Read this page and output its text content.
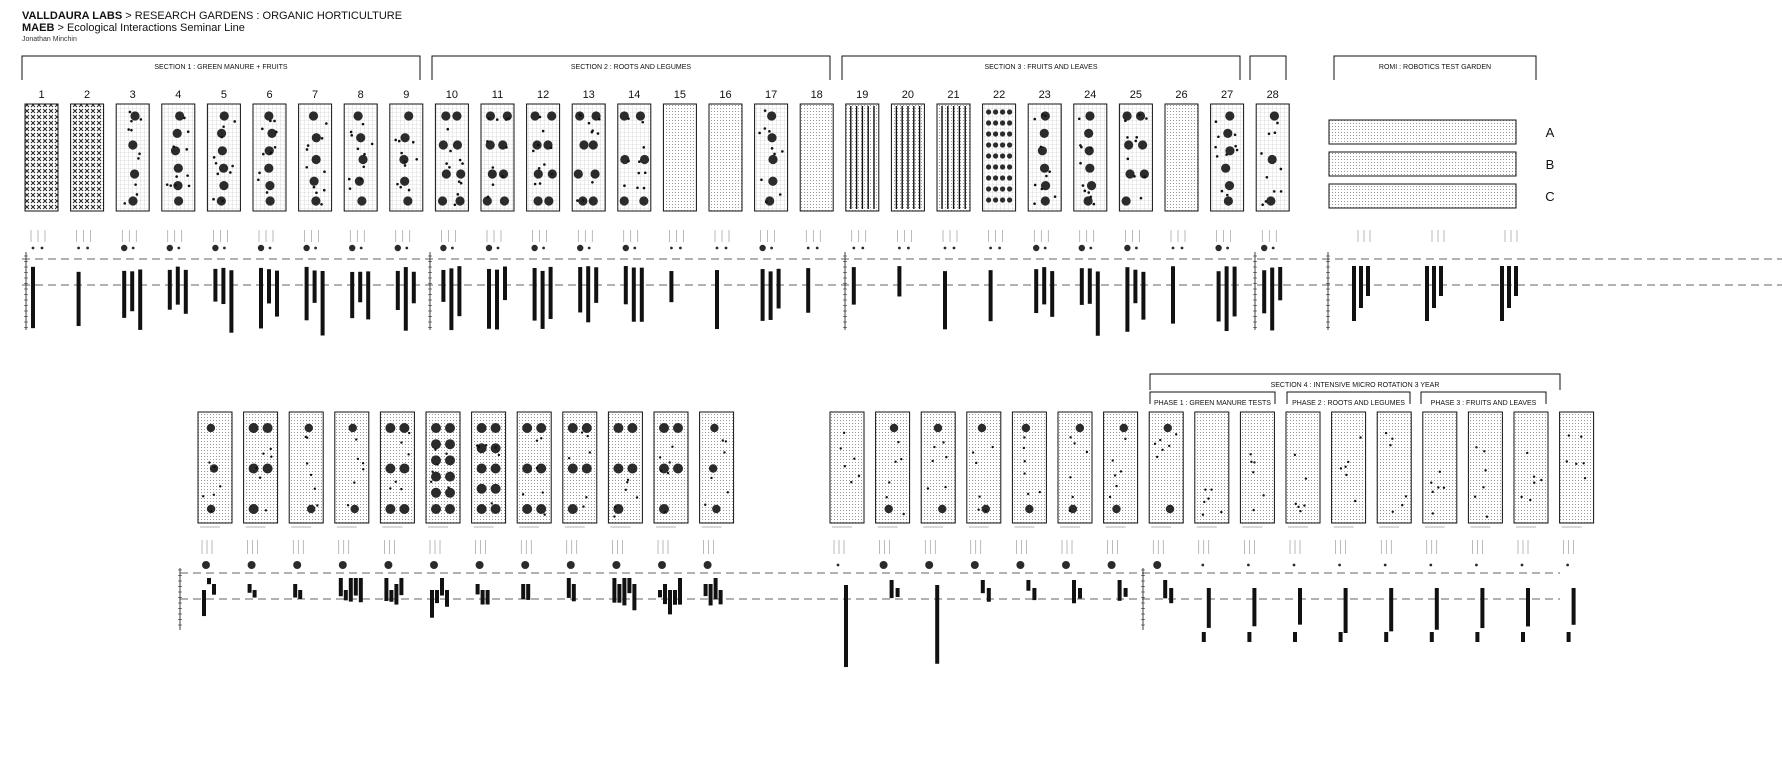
VALLDAURA LABS > RESEARCH GARDENS : ORGANIC HORTICULTURE
MAEB > Ecological Interactions Seminar Line
Jonathan Minchin
SECTION 1 : GREEN MANURE + FRUITS	SECTION 2 : ROOTS AND LEGUMES	SECTION 3 : FRUITS AND LEAVES	ROMI : ROBOTICS TEST GARDEN
1	2	3	4	5	6	7	8	9	10	11	12	13	14	15	16	17	18	19	20	21	22	23	24	25	26	27	28
A
B
C
SECTION 4 : INTENSIVE MICRO ROTATION 3 YEAR
PHASE 1 : GREEN MANURE TESTS	PHASE 2 : ROOTS AND LEGUMES	PHASE 3 : FRUITS AND LEAVES
